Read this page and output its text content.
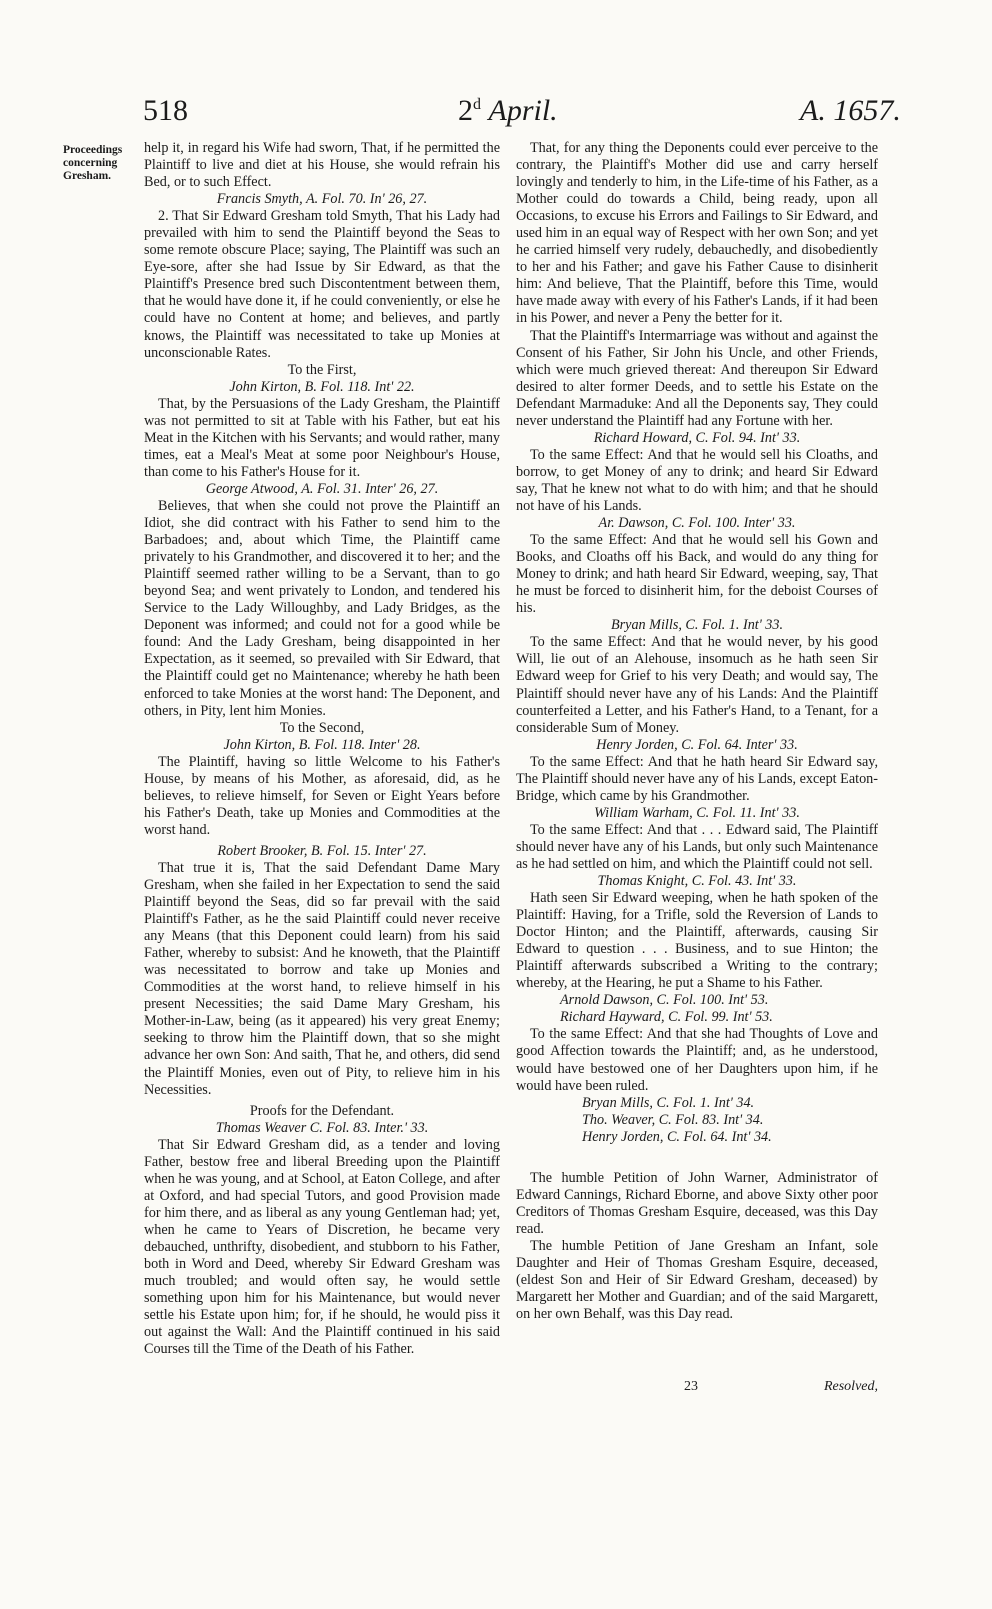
518	2$^d$ April.	A. 1657.
Proceedings concerning Gresham.

help it, in regard his Wife had sworn, That, if he permitted the Plaintiff to live and diet at his House, she would refrain his Bed, or to such Effect.

Francis Smyth, A. Fol. 70. In' 26, 27.

2. That Sir Edward Gresham told Smyth, That his Lady had prevailed with him to send the Plaintiff beyond the Seas to some remote obscure Place; saying, The Plaintiff was such an Eye-sore, after she had Issue by Sir Edward, as that the Plaintiff's Presence bred such Discontentment between them, that he would have done it, if he could conveniently, or else he could have no Content at home; and believes, and partly knows, the Plaintiff was necessitated to take up Monies at unconscionable Rates.

To the First,

John Kirton, B. Fol. 118. Int' 22.

That, by the Persuasions of the Lady Gresham, the Plaintiff was not permitted to sit at Table with his Father, but eat his Meat in the Kitchen with his Servants; and would rather, many times, eat a Meal's Meat at some poor Neighbour's House, than come to his Father's House for it.

George Atwood, A. Fol. 31. Inter' 26, 27.

Believes, that when she could not prove the Plaintiff an Idiot, she did contract with his Father to send him to the Barbadoes; and, about which Time, the Plaintiff came privately to his Grandmother, and discovered it to her; and the Plaintiff seemed rather willing to be a Servant, than to go beyond Sea; and went privately to London, and tendered his Service to the Lady Willoughby, and Lady Bridges, as the Deponent was informed; and could not for a good while be found: And the Lady Gresham, being disappointed in her Expectation, as it seemed, so prevailed with Sir Edward, that the Plaintiff could get no Maintenance; whereby he hath been enforced to take Monies at the worst hand: The Deponent, and others, in Pity, lent him Monies.

To the Second,

John Kirton, B. Fol. 118. Inter' 28.

The Plaintiff, having so little Welcome to his Father's House, by means of his Mother, as aforesaid, did, as he believes, to relieve himself, for Seven or Eight Years before his Father's Death, take up Monies and Commodities at the worst hand.

Robert Brooker, B. Fol. 15. Inter' 27.

That true it is, That the said Defendant Dame Mary Gresham, when she failed in her Expectation to send the said Plaintiff beyond the Seas, did so far prevail with the said Plaintiff's Father, as he the said Plaintiff could never receive any Means (that this Deponent could learn) from his said Father, whereby to subsist: And he knoweth, that the Plaintiff was necessitated to borrow and take up Monies and Commodities at the worst hand, to relieve himself in his present Necessities; the said Dame Mary Gresham, his Mother-in-Law, being (as it appeared) his very great Enemy; seeking to throw him the Plaintiff down, that so she might advance her own Son: And saith, That he, and others, did send the Plaintiff Monies, even out of Pity, to relieve him in his Necessities.

Proofs for the Defendant.

Thomas Weaver C. Fol. 83. Inter.' 33.

That Sir Edward Gresham did, as a tender and loving Father, bestow free and liberal Breeding upon the Plaintiff when he was young, and at School, at Eaton College, and after at Oxford, and had special Tutors, and good Provision made for him there, and as liberal as any young Gentleman had; yet, when he came to Years of Discretion, he became very debauched, unthrifty, disobedient, and stubborn to his Father, both in Word and Deed, whereby Sir Edward Gresham was much troubled; and would often say, he would settle something upon him for his Maintenance, but would never settle his Estate upon him; for, if he should, he would piss it out against the Wall: And the Plaintiff continued in his said Courses till the Time of the Death of his Father.

That, for any thing the Deponents could ever perceive to the contrary, the Plaintiff's Mother did use and carry herself lovingly and tenderly to him, in the Life-time of his Father, as a Mother could do towards a Child, being ready, upon all Occasions, to excuse his Errors and Failings to Sir Edward, and used him in an equal way of Respect with her own Son; and yet he carried himself very rudely, debauchedly, and disobediently to her and his Father; and gave his Father Cause to disinherit him: And believe, That the Plaintiff, before this Time, would have made away with every of his Father's Lands, if it had been in his Power, and never a Peny the better for it.

That the Plaintiff's Intermarriage was without and against the Consent of his Father, Sir John his Uncle, and other Friends, which were much grieved thereat: And thereupon Sir Edward desired to alter former Deeds, and to settle his Estate on the Defendant Marmaduke: And all the Deponents say, They could never understand the Plaintiff had any Fortune with her.

Richard Howard, C. Fol. 94. Int' 33.

To the same Effect: And that he would sell his Cloaths, and borrow, to get Money of any to drink; and heard Sir Edward say, That he knew not what to do with him; and that he should not have of his Lands.

Ar. Dawson, C. Fol. 100. Inter' 33.

To the same Effect: And that he would sell his Gown and Books, and Cloaths off his Back, and would do any thing for Money to drink; and hath heard Sir Edward, weeping, say, That he must be forced to disinherit him, for the deboist Courses of his.

Bryan Mills, C. Fol. 1. Int' 33.

To the same Effect: And that he would never, by his good Will, lie out of an Alehouse, insomuch as he hath seen Sir Edward weep for Grief to his very Death; and would say, The Plaintiff should never have any of his Lands: And the Plaintiff counterfeited a Letter, and his Father's Hand, to a Tenant, for a considerable Sum of Money.

Henry Jorden, C. Fol. 64. Inter' 33.

To the same Effect: And that he hath heard Sir Edward say, The Plaintiff should never have any of his Lands, except Eaton-Bridge, which came by his Grandmother.

William Warham, C. Fol. 11. Int' 33.

To the same Effect: And that . . . Edward said, The Plaintiff should never have any of his Lands, but only such Maintenance as he had settled on him, and which the Plaintiff could not sell.

Thomas Knight, C. Fol. 43. Int' 33.

Hath seen Sir Edward weeping, when he hath spoken of the Plaintiff: Having, for a Trifle, sold the Reversion of Lands to Doctor Hinton; and the Plaintiff, afterwards, causing Sir Edward to question . . . Business, and to sue Hinton; the Plaintiff afterwards subscribed a Writing to the contrary; whereby, at the Hearing, he put a Shame to his Father.

Arnold Dawson, C. Fol. 100. Int' 53.

Richard Hayward, C. Fol. 99. Int' 53.

To the same Effect: And that she had Thoughts of Love and good Affection towards the Plaintiff; and, as he understood, would have bestowed one of her Daughters upon him, if he would have been ruled.

Bryan Mills, C. Fol. 1. Int' 34.

Tho. Weaver, C. Fol. 83. Int' 34.

Henry Jorden, C. Fol. 64. Int' 34.

The humble Petition of John Warner, Administrator of Edward Cannings, Richard Eborne, and above Sixty other poor Creditors of Thomas Gresham Esquire, deceased, was this Day read.

The humble Petition of Jane Gresham an Infant, sole Daughter and Heir of Thomas Gresham Esquire, deceased, (eldest Son and Heir of Sir Edward Gresham, deceased) by Margarett her Mother and Guardian; and of the said Margarett, on her own Behalf, was this Day read.

23	Resolved,
